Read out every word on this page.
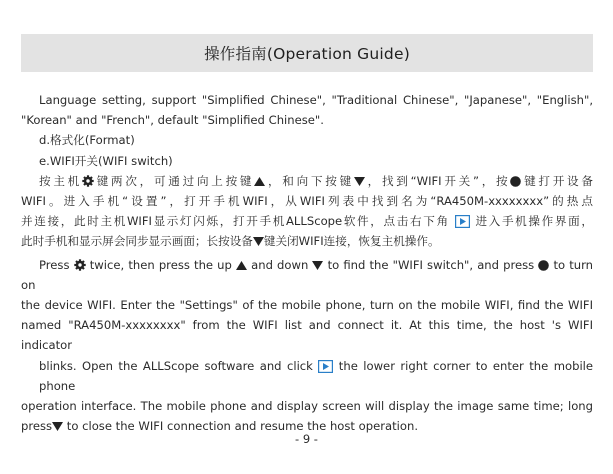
操作指南(Operation Guide)

Language setting, support "Simplified Chinese", "Traditional Chinese", "Japanese", "English",

"Korean" and "French", default "Simplified Chinese".

d.格式化(Format)

e.WIFI开关(WIFI switch)

按主机 键两次，可通过向上按键 ，和向下按键 ，找到“WIFI开关”，按 键打开设备

WIFI。进入手机“设置”，打开手机WIFI，从WIFI列表中找到名为“RA450M-xxxxxxxx”的热点

并连接，此时主机WIFI显示灯闪烁，打开手机ALLScope软件，点击右下角 进入手机操作界面，

此时手机和显示屏会同步显示画面；长按设备 键关闭WIFI连接，恢复主机操作。

Press twice, then press the up and down to find the "WIFI switch", and press to turn on

the device WIFI. Enter the "Settings" of the mobile phone, turn on the mobile WIFI, find the WIFI

named "RA450M-xxxxxxxx" from the WIFI list and connect it. At this time, the host 's WIFI indicator

blinks. Open the ALLScope software and click the lower right corner to enter the mobile phone

operation interface. The mobile phone and display screen will display the image same time; long

press to close the WIFI connection and resume the host operation.

- 9 -
